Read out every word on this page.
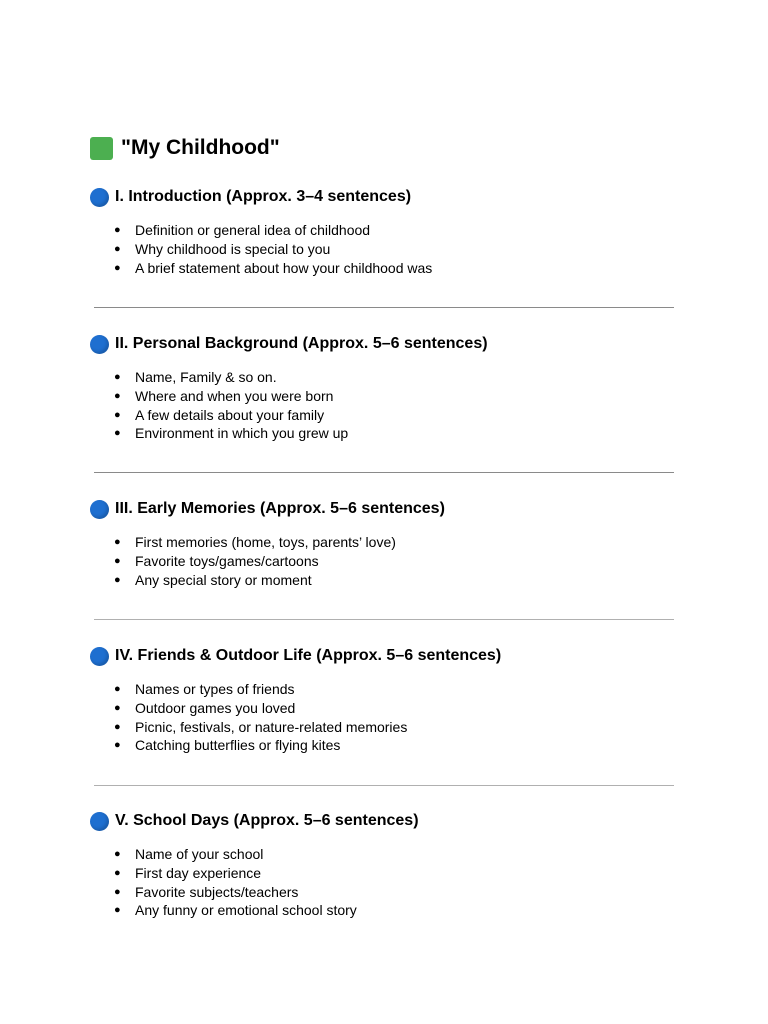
"My Childhood"
I. Introduction (Approx. 3–4 sentences)
● Definition or general idea of childhood
● Why childhood is special to you
● A brief statement about how your childhood was
II. Personal Background (Approx. 5–6 sentences)
● Name, Family & so on.
● Where and when you were born
● A few details about your family
● Environment in which you grew up
III. Early Memories (Approx. 5–6 sentences)
● First memories (home, toys, parents’ love)
● Favorite toys/games/cartoons
● Any special story or moment
IV. Friends & Outdoor Life (Approx. 5–6 sentences)
● Names or types of friends
● Outdoor games you loved
● Picnic, festivals, or nature-related memories
● Catching butterflies or flying kites
V. School Days (Approx. 5–6 sentences)
● Name of your school
● First day experience
● Favorite subjects/teachers
● Any funny or emotional school story
